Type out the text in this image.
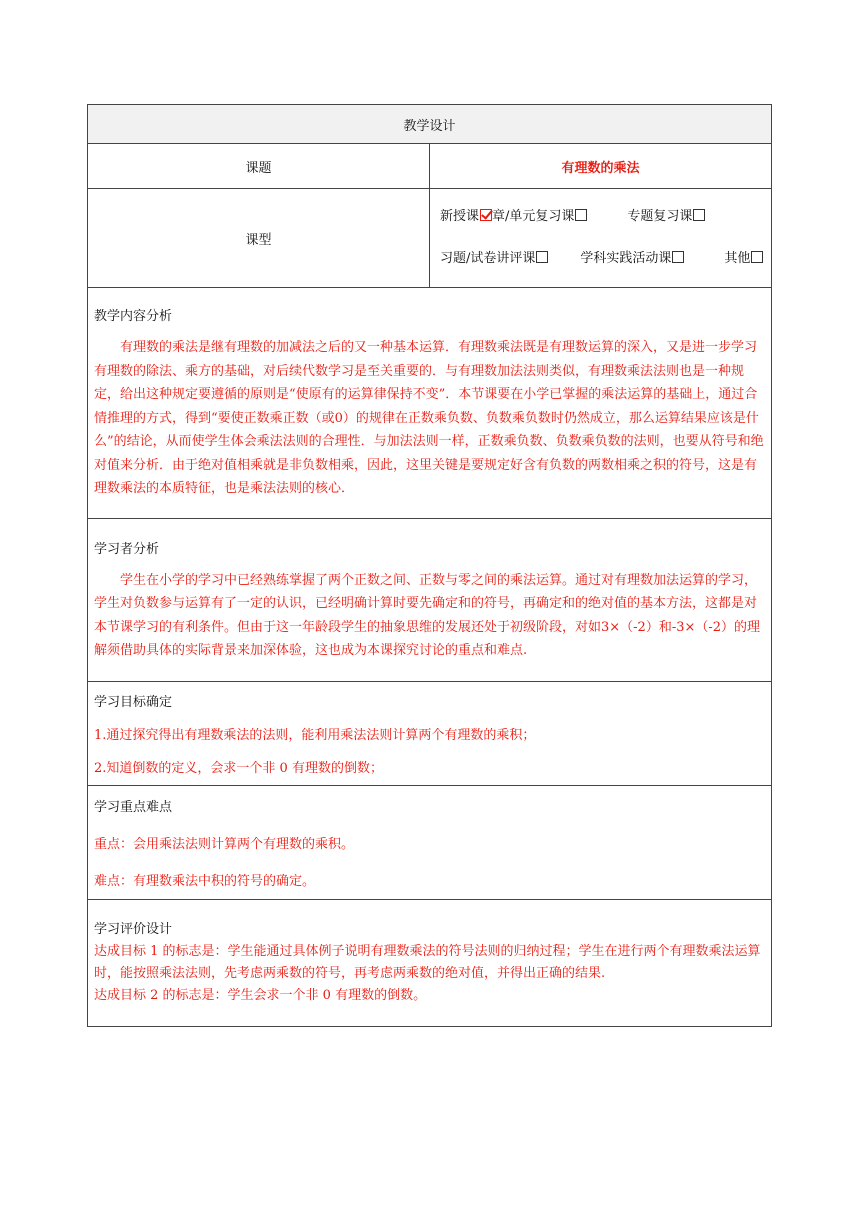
教学设计	
课题	有理数的乘法
课型	新授课 章/单元复习课 专题复习课
习题/试卷讲评课 学科实践活动课 其他

教学内容分析

有理数的乘法是继有理数的加减法之后的又一种基本运算．有理数乘法既是有理数运算的深入，又是进一步学习有理数的除法、乘方的基础，对后续代数学习是至关重要的．与有理数加法法则类似，有理数乘法法则也是一种规定，给出这种规定要遵循的原则是“使原有的运算律保持不变”．本节课要在小学已掌握的乘法运算的基础上，通过合情推理的方式，得到“要使正数乘正数（或0）的规律在正数乘负数、负数乘负数时仍然成立，那么运算结果应该是什么”的结论，从而使学生体会乘法法则的合理性．与加法法则一样，正数乘负数、负数乘负数的法则，也要从符号和绝对值来分析．由于绝对值相乘就是非负数相乘，因此，这里关键是要规定好含有负数的两数相乘之积的符号，这是有理数乘法的本质特征，也是乘法法则的核心．	

学习者分析

学生在小学的学习中已经熟练掌握了两个正数之间、正数与零之间的乘法运算。通过对有理数加法运算的学习，学生对负数参与运算有了一定的认识，已经明确计算时要先确定和的符号，再确定和的绝对值的基本方法，这都是对本节课学习的有利条件。但由于这一年龄段学生的抽象思维的发展还处于初级阶段，对如3×（-2）和-3×（-2）的理解须借助具体的实际背景来加深体验，这也成为本课探究讨论的重点和难点.	

学习目标确定
1.通过探究得出有理数乘法的法则，能利用乘法法则计算两个有理数的乘积；
2.知道倒数的定义，会求一个非 0 有理数的倒数；	

学习重点难点
重点：会用乘法法则计算两个有理数的乘积。
难点：有理数乘法中积的符号的确定。	

学习评价设计
达成目标 1 的标志是：学生能通过具体例子说明有理数乘法的符号法则的归纳过程；学生在进行两个有理数乘法运算时，能按照乘法法则，先考虑两乘数的符号，再考虑两乘数的绝对值，并得出正确的结果.
达成目标 2 的标志是：学生会求一个非 0 有理数的倒数。	
